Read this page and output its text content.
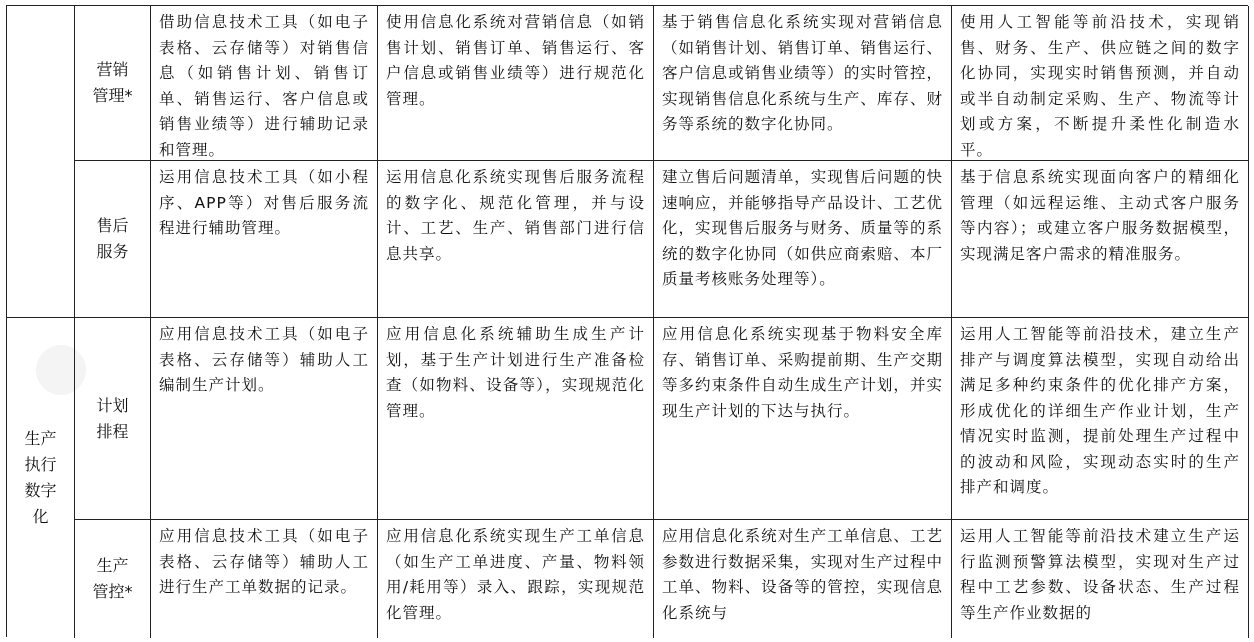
营销管理*
借助信息技术工具（如电子表格、云存储等）对销售信息（如销售计划、销售订单、销售运行、客户信息或销售业绩等）进行辅助记录和管理。
使用信息化系统对营销信息（如销售计划、销售订单、销售运行、客户信息或销售业绩等）进行规范化管理。
基于销售信息化系统实现对营销信息（如销售计划、销售订单、销售运行、客户信息或销售业绩等）的实时管控，实现销售信息化系统与生产、库存、财务等系统的数字化协同。
使用人工智能等前沿技术，实现销售、财务、生产、供应链之间的数字化协同，实现实时销售预测，并自动或半自动制定采购、生产、物流等计划或方案，不断提升柔性化制造水平。
售后服务
运用信息技术工具（如小程序、APP等）对售后服务流程进行辅助管理。
运用信息化系统实现售后服务流程的数字化、规范化管理，并与设计、工艺、生产、销售部门进行信息共享。
建立售后问题清单，实现售后问题的快速响应，并能够指导产品设计、工艺优化，实现售后服务与财务、质量等的系统的数字化协同（如供应商索赔、本厂质量考核账务处理等）。
基于信息系统实现面向客户的精细化管理（如远程运维、主动式客户服务等内容）；或建立客户服务数据模型，实现满足客户需求的精准服务。
生产执行数字化
计划排程
应用信息技术工具（如电子表格、云存储等）辅助人工编制生产计划。
应用信息化系统辅助生成生产计划，基于生产计划进行生产准备检查（如物料、设备等），实现规范化管理。
应用信息化系统实现基于物料安全库存、销售订单、采购提前期、生产交期等多约束条件自动生成生产计划，并实现生产计划的下达与执行。
运用人工智能等前沿技术，建立生产排产与调度算法模型，实现自动给出满足多种约束条件的优化排产方案，形成优化的详细生产作业计划，生产情况实时监测，提前处理生产过程中的波动和风险，实现动态实时的生产排产和调度。
生产管控*
应用信息技术工具（如电子表格、云存储等）辅助人工进行生产工单数据的记录。
应用信息化系统实现生产工单信息（如生产工单进度、产量、物料领用/耗用等）录入、跟踪，实现规范化管理。
应用信息化系统对生产工单信息、工艺参数进行数据采集，实现对生产过程中工单、物料、设备等的管控，实现信息化系统与
运用人工智能等前沿技术建立生产运行监测预警算法模型，实现对生产过程中工艺参数、设备状态、生产过程等生产作业数据的
